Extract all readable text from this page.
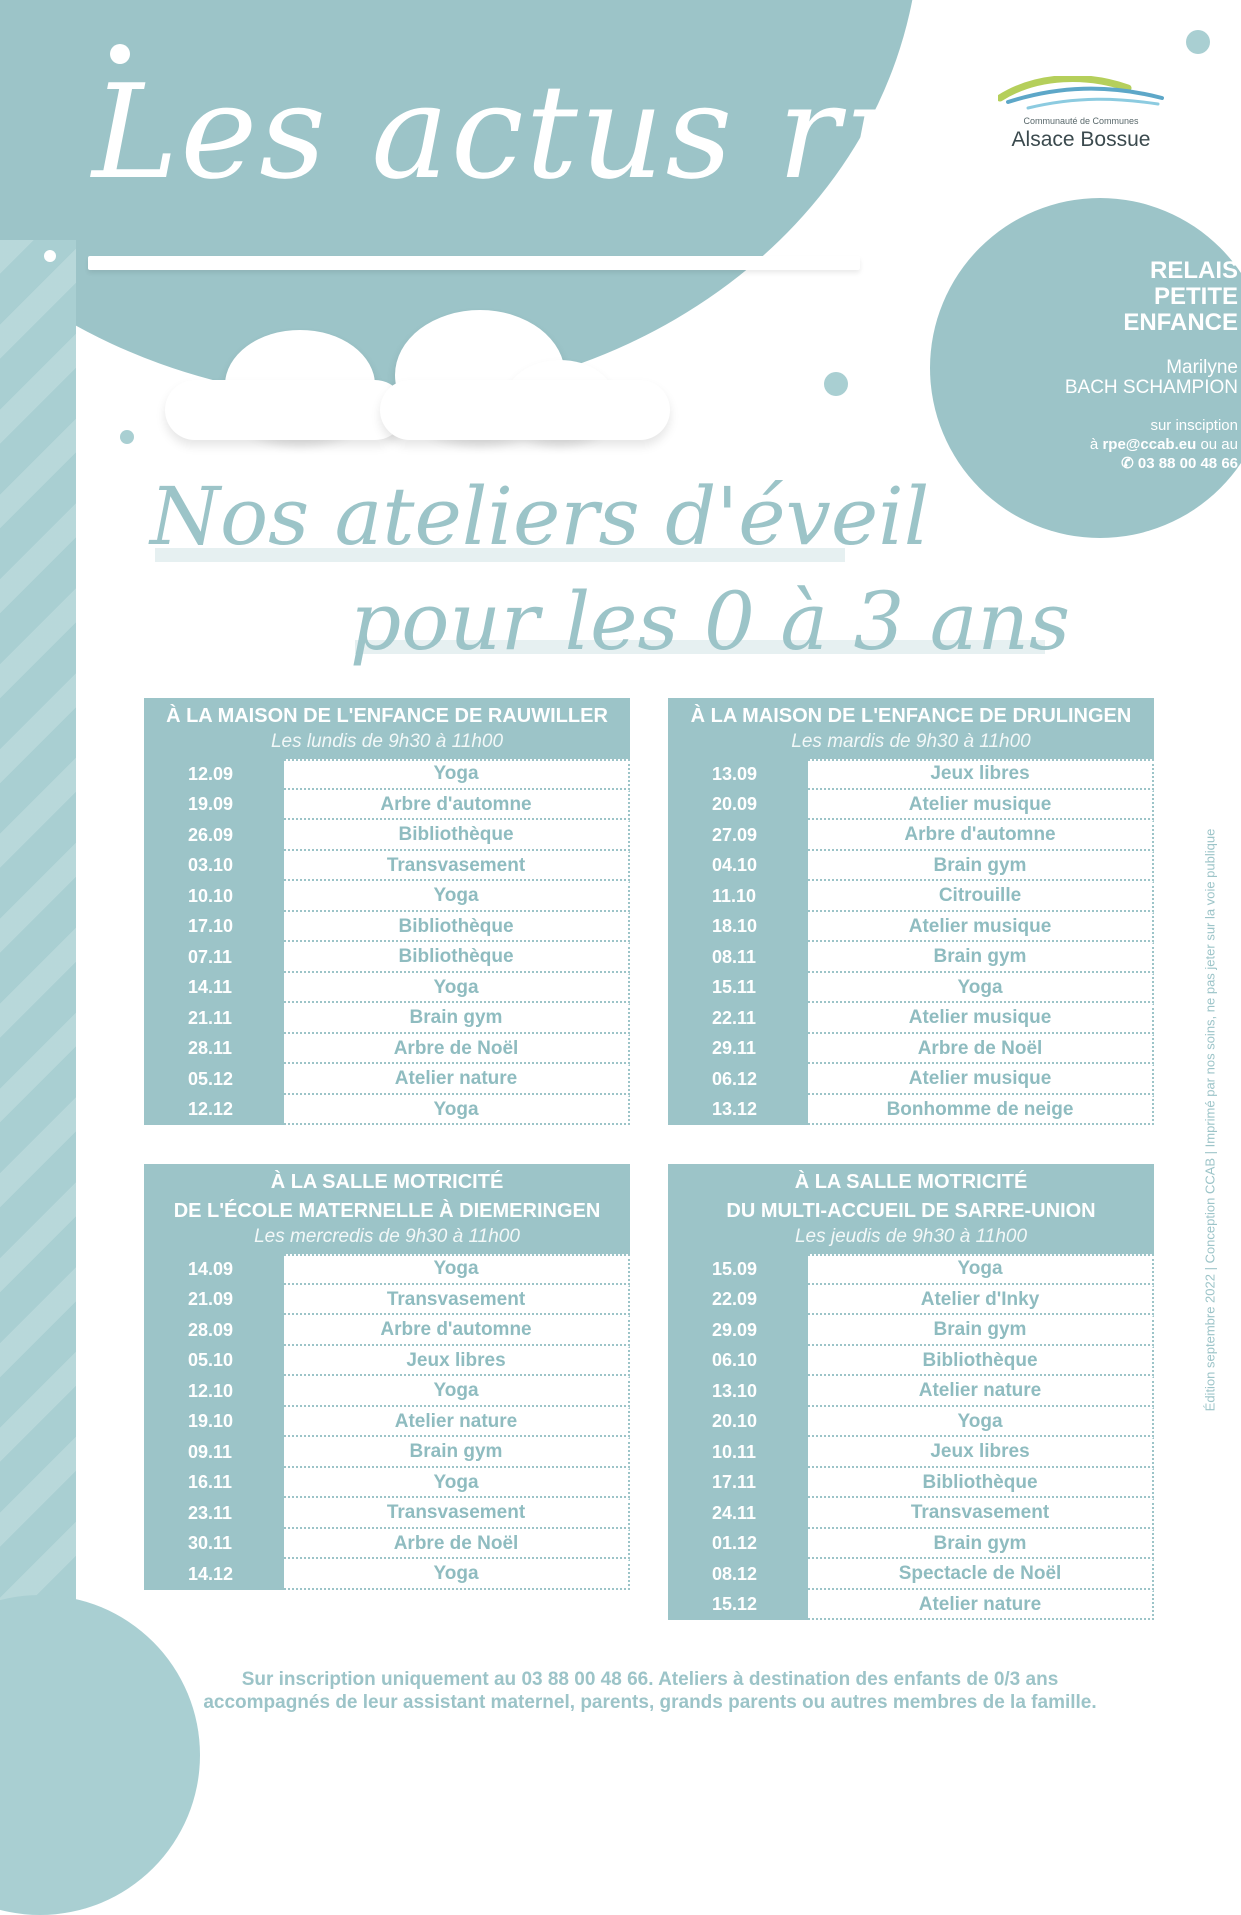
Les actus rpé	Communauté de Communes
Alsace Bossue
RELAIS
PETITE
ENFANCE
Marilyne
BACH SCHAMPION
sur insciption
à rpe@ccab.eu ou au
✆ 03 88 00 48 66
Nos ateliers d'éveil
pour les 0 à 3 ans
À LA MAISON DE L'ENFANCE DE RAUWILLER
Les lundis de 9h30 à 11h00
12.09	Yoga
19.09	Arbre d'automne
26.09	Bibliothèque
03.10	Transvasement
10.10	Yoga
17.10	Bibliothèque
07.11	Bibliothèque
14.11	Yoga
21.11	Brain gym
28.11	Arbre de Noël
05.12	Atelier nature
12.12	Yoga
À LA MAISON DE L'ENFANCE DE DRULINGEN
Les mardis de 9h30 à 11h00
13.09	Jeux libres
20.09	Atelier musique
27.09	Arbre d'automne
04.10	Brain gym
11.10	Citrouille
18.10	Atelier musique
08.11	Brain gym
15.11	Yoga
22.11	Atelier musique
29.11	Arbre de Noël
06.12	Atelier musique
13.12	Bonhomme de neige
À LA SALLE MOTRICITÉ
DE L'ÉCOLE MATERNELLE À DIEMERINGEN
Les mercredis de 9h30 à 11h00
14.09	Yoga
21.09	Transvasement
28.09	Arbre d'automne
05.10	Jeux libres
12.10	Yoga
19.10	Atelier nature
09.11	Brain gym
16.11	Yoga
23.11	Transvasement
30.11	Arbre de Noël
14.12	Yoga
À LA SALLE MOTRICITÉ
DU MULTI-ACCUEIL DE SARRE-UNION
Les jeudis de 9h30 à 11h00
15.09	Yoga
22.09	Atelier d'Inky
29.09	Brain gym
06.10	Bibliothèque
13.10	Atelier nature
20.10	Yoga
10.11	Jeux libres
17.11	Bibliothèque
24.11	Transvasement
01.12	Brain gym
08.12	Spectacle de Noël
15.12	Atelier nature
Sur inscription uniquement au 03 88 00 48 66. Ateliers à destination des enfants de 0/3 ans
accompagnés de leur assistant maternel, parents, grands parents ou autres membres de la famille.
Édition septembre 2022 | Conception CCAB | Imprimé par nos soins, ne pas jeter sur la voie publique
